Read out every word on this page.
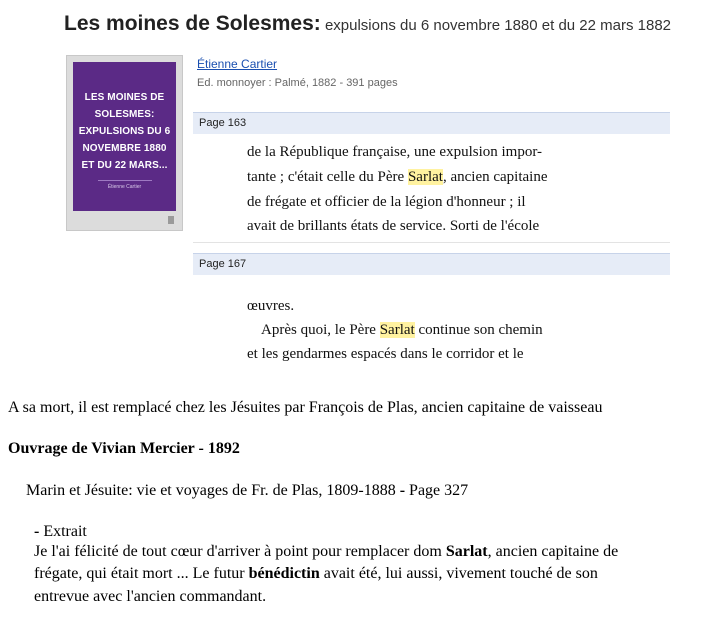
Les moines de Solesmes: expulsions du 6 novembre 1880 et du 22 mars 1882
LES MOINES DE SOLESMES: EXPULSIONS DU 6 NOVEMBRE 1880 ET DU 22 MARS...
Étienne Cartier
Étienne Cartier
Ed. monnoyer : Palmé, 1882 - 391 pages
Page 163
de la République française, une expulsion impor-
tante ; c'était celle du Père Sarlat, ancien capitaine
de frégate et officier de la légion d'honneur ; il
avait de brillants états de service. Sorti de l'école
Page 167
œuvres.
Après quoi, le Père Sarlat continue son chemin
et les gendarmes espacés dans le corridor et le
A sa mort, il est remplacé chez les Jésuites par François de Plas, ancien capitaine de vaisseau
Ouvrage de Vivian Mercier - 1892
Marin et Jésuite: vie et voyages de Fr. de Plas, 1809-1888 - Page 327
- Extrait
Je l'ai félicité de tout cœur d'arriver à point pour remplacer dom Sarlat, ancien capitaine de
frégate, qui était mort ... Le futur bénédictin avait été, lui aussi, vivement touché de son
entrevue avec l'ancien commandant.
